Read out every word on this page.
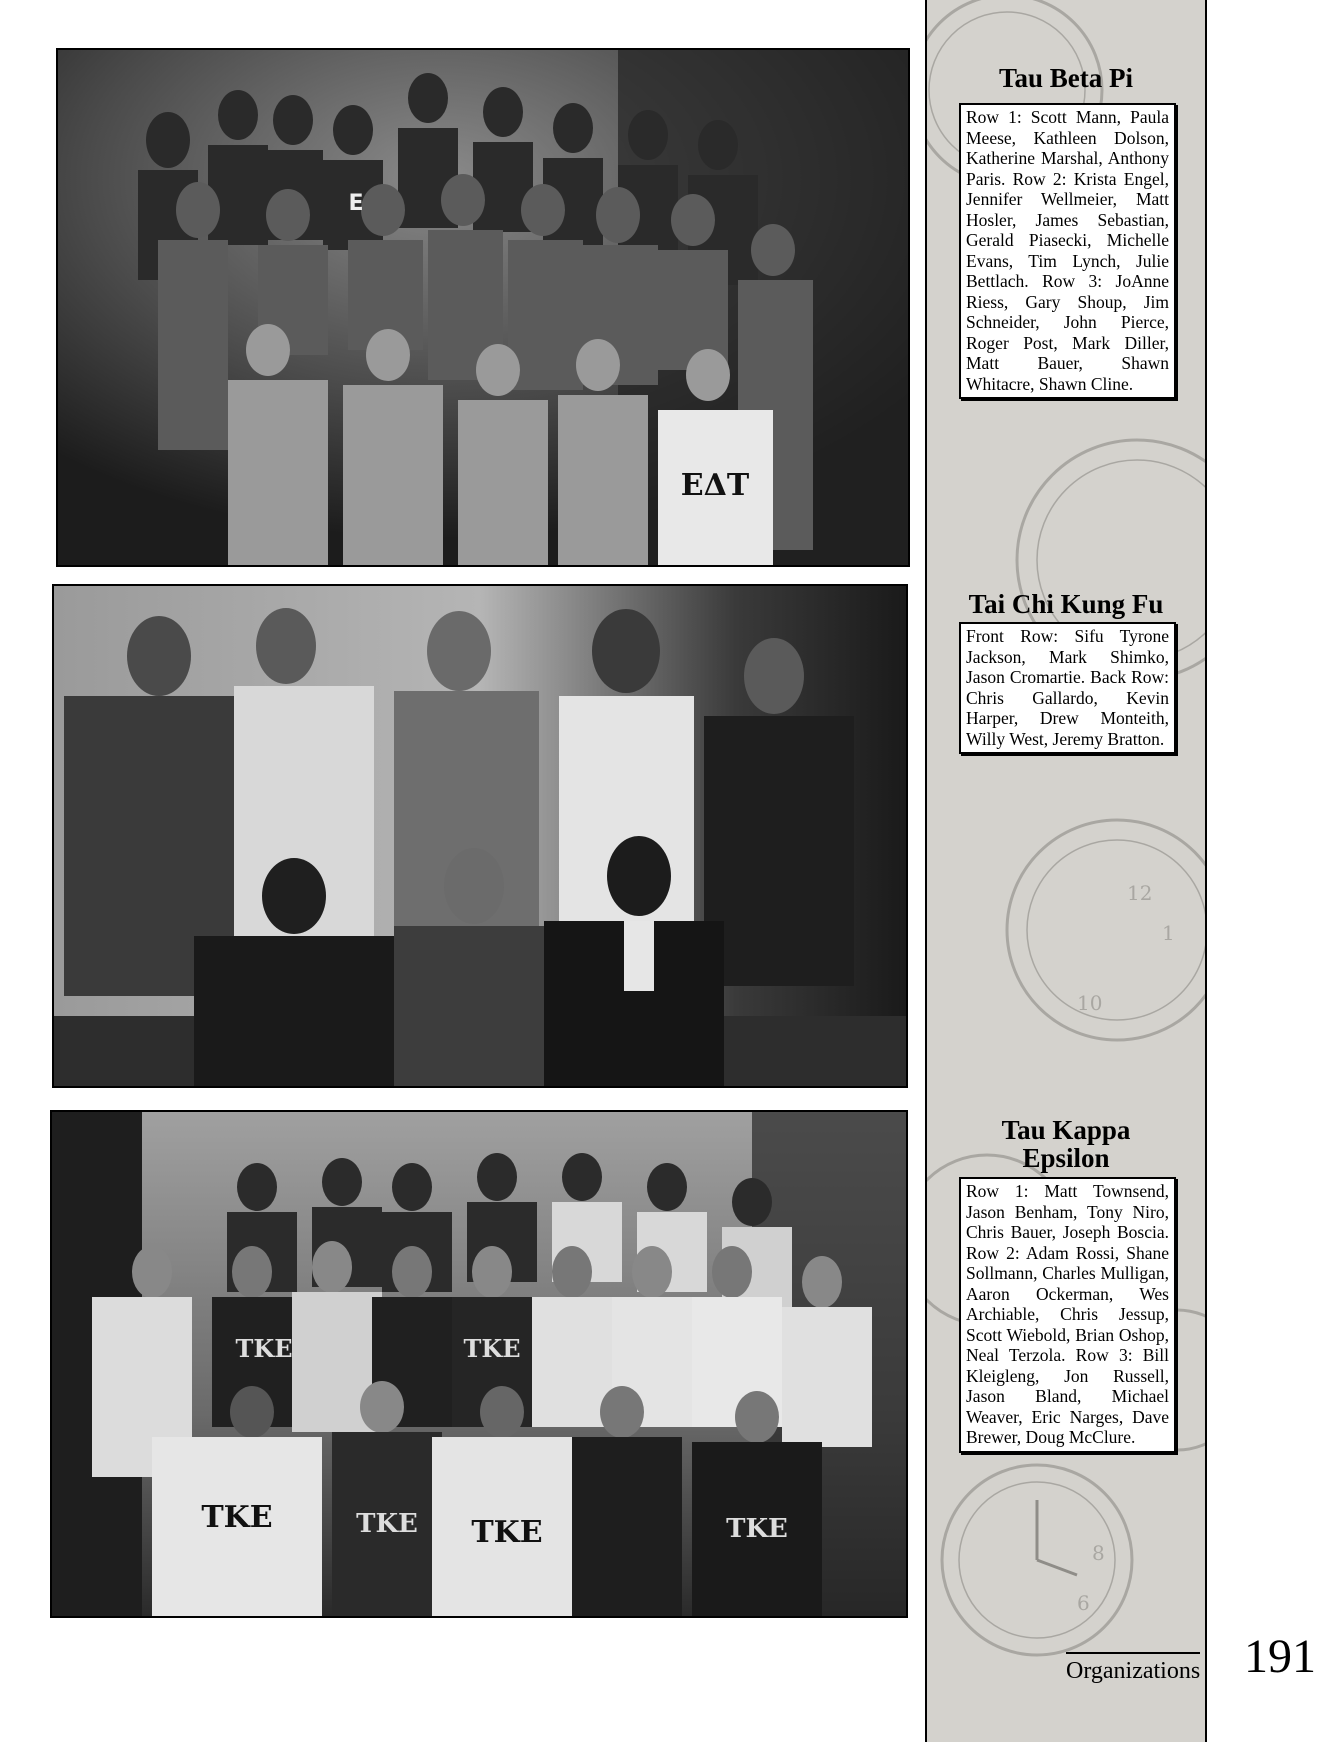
ΕΔΤ
E
TKE	TKE
TKE	TKE
TKE	TKE
12
1
10
8
6
Tau Beta Pi
Row 1: Scott Mann, Paula Meese, Kathleen Dolson, Katherine Marshal, Anthony Paris. Row 2: Krista Engel, Jennifer Wellmeier, Matt Hosler, James Sebastian, Gerald Piasecki, Michelle Evans, Tim Lynch, Julie Bettlach. Row 3: JoAnne Riess, Gary Shoup, Jim Schneider, John Pierce, Roger Post, Mark Diller, Matt Bauer, Shawn Whitacre, Shawn Cline.
Tai Chi Kung Fu
Front Row: Sifu Tyrone Jackson, Mark Shimko, Jason Cromartie. Back Row: Chris Gallardo, Kevin Harper, Drew Monteith, Willy West, Jeremy Bratton.
Tau Kappa Epsilon
Row 1: Matt Townsend, Jason Benham, Tony Niro, Chris Bauer, Joseph Boscia. Row 2: Adam Rossi, Shane Sollmann, Charles Mulligan, Aaron Ockerman, Wes Archiable, Chris Jessup, Scott Wiebold, Brian Oshop, Neal Terzola. Row 3: Bill Kleigleng, Jon Russell, Jason Bland, Michael Weaver, Eric Narges, Dave Brewer, Doug McClure.
Organizations 191
